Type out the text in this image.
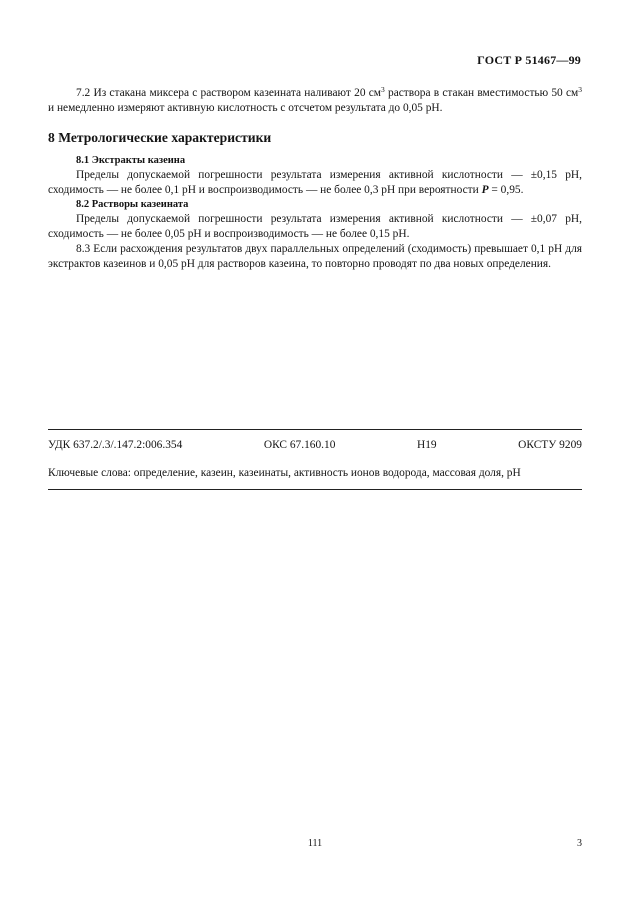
ГОСТ Р 51467—99

7.2 Из стакана миксера с раствором казеината наливают 20 $см^3$ раствора в стакан вместимостью 50 $см^3$ и немедленно измеряют активную кислотность с отсчетом результата до 0,05 pH.

8 Метрологические характеристики
8.1 Экстракты казеина

Пределы допускаемой погрешности результата измерения активной кислотности — ±0,15 pH, сходимость — не более 0,1 pH и воспроизводимость — не более 0,3 pH при вероятности P = 0,95.

8.2 Растворы казеината

Пределы допускаемой погрешности результата измерения активной кислотности — ±0,07 pH, сходимость — не более 0,05 pH и воспроизводимость — не более 0,15 pH.

8.3 Если расхождения результатов двух параллельных определений (сходимость) превышает 0,1 pH для экстрактов казеинов и 0,05 pH для растворов казеина, то повторно проводят по два новых определения.

УДК 637.2/.3/.147.2:006.354	ОКС 67.160.10	Н19	ОКСТУ 9209
Ключевые слова: определение, казеин, казеинаты, активность ионов водорода, массовая доля, pH
111	3
